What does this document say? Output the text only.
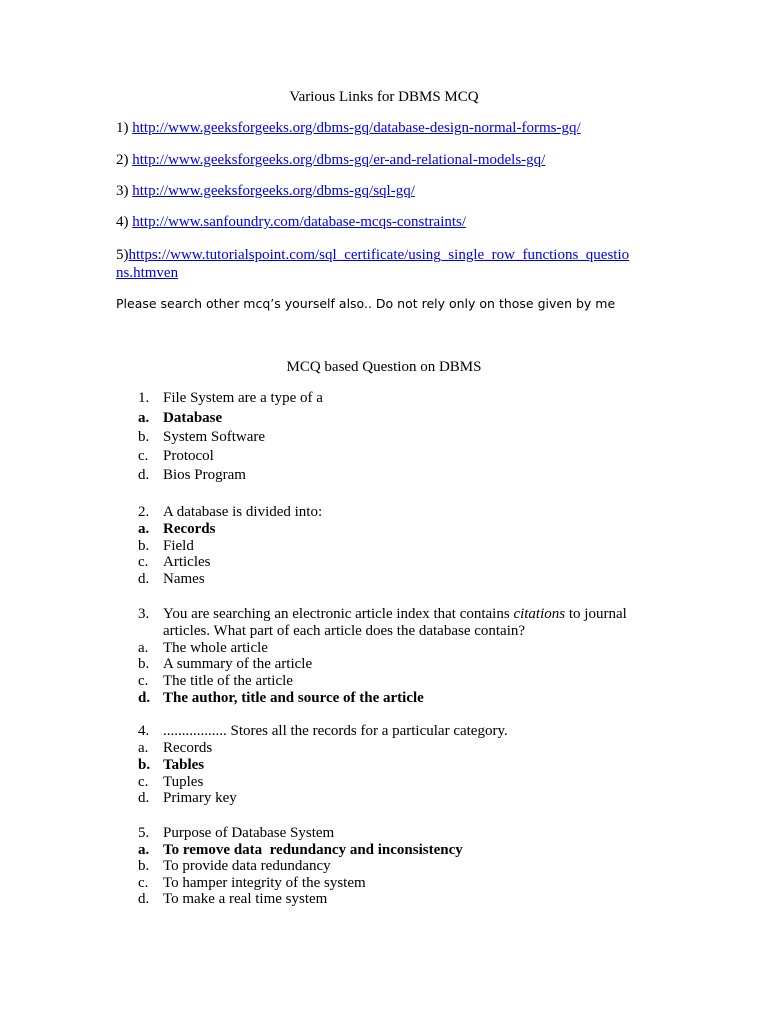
Various Links for DBMS MCQ
1) http://www.geeksforgeeks.org/dbms-gq/database-design-normal-forms-gq/
2) http://www.geeksforgeeks.org/dbms-gq/er-and-relational-models-gq/
3) http://www.geeksforgeeks.org/dbms-gq/sql-gq/
4) http://www.sanfoundry.com/database-mcqs-constraints/
5)https://www.tutorialspoint.com/sql_certificate/using_single_row_functions_questio
ns.htmven
Please search other mcq’s yourself also.. Do not rely only on those given by me
MCQ based Question on DBMS
1. File System are a type of a
a. Database
b. System Software
c. Protocol
d. Bios Program
2. A database is divided into:
a. Records
b. Field
c. Articles
d. Names
3. You are searching an electronic article index that contains citations to journal articles. What part of each article does the database contain?
a. The whole article
b. A summary of the article
c. The title of the article
d. The author, title and source of the article
4. ................. Stores all the records for a particular category.
a. Records
b. Tables
c. Tuples
d. Primary key
5. Purpose of Database System
a. To remove data  redundancy and inconsistency
b. To provide data redundancy
c. To hamper integrity of the system
d. To make a real time system
